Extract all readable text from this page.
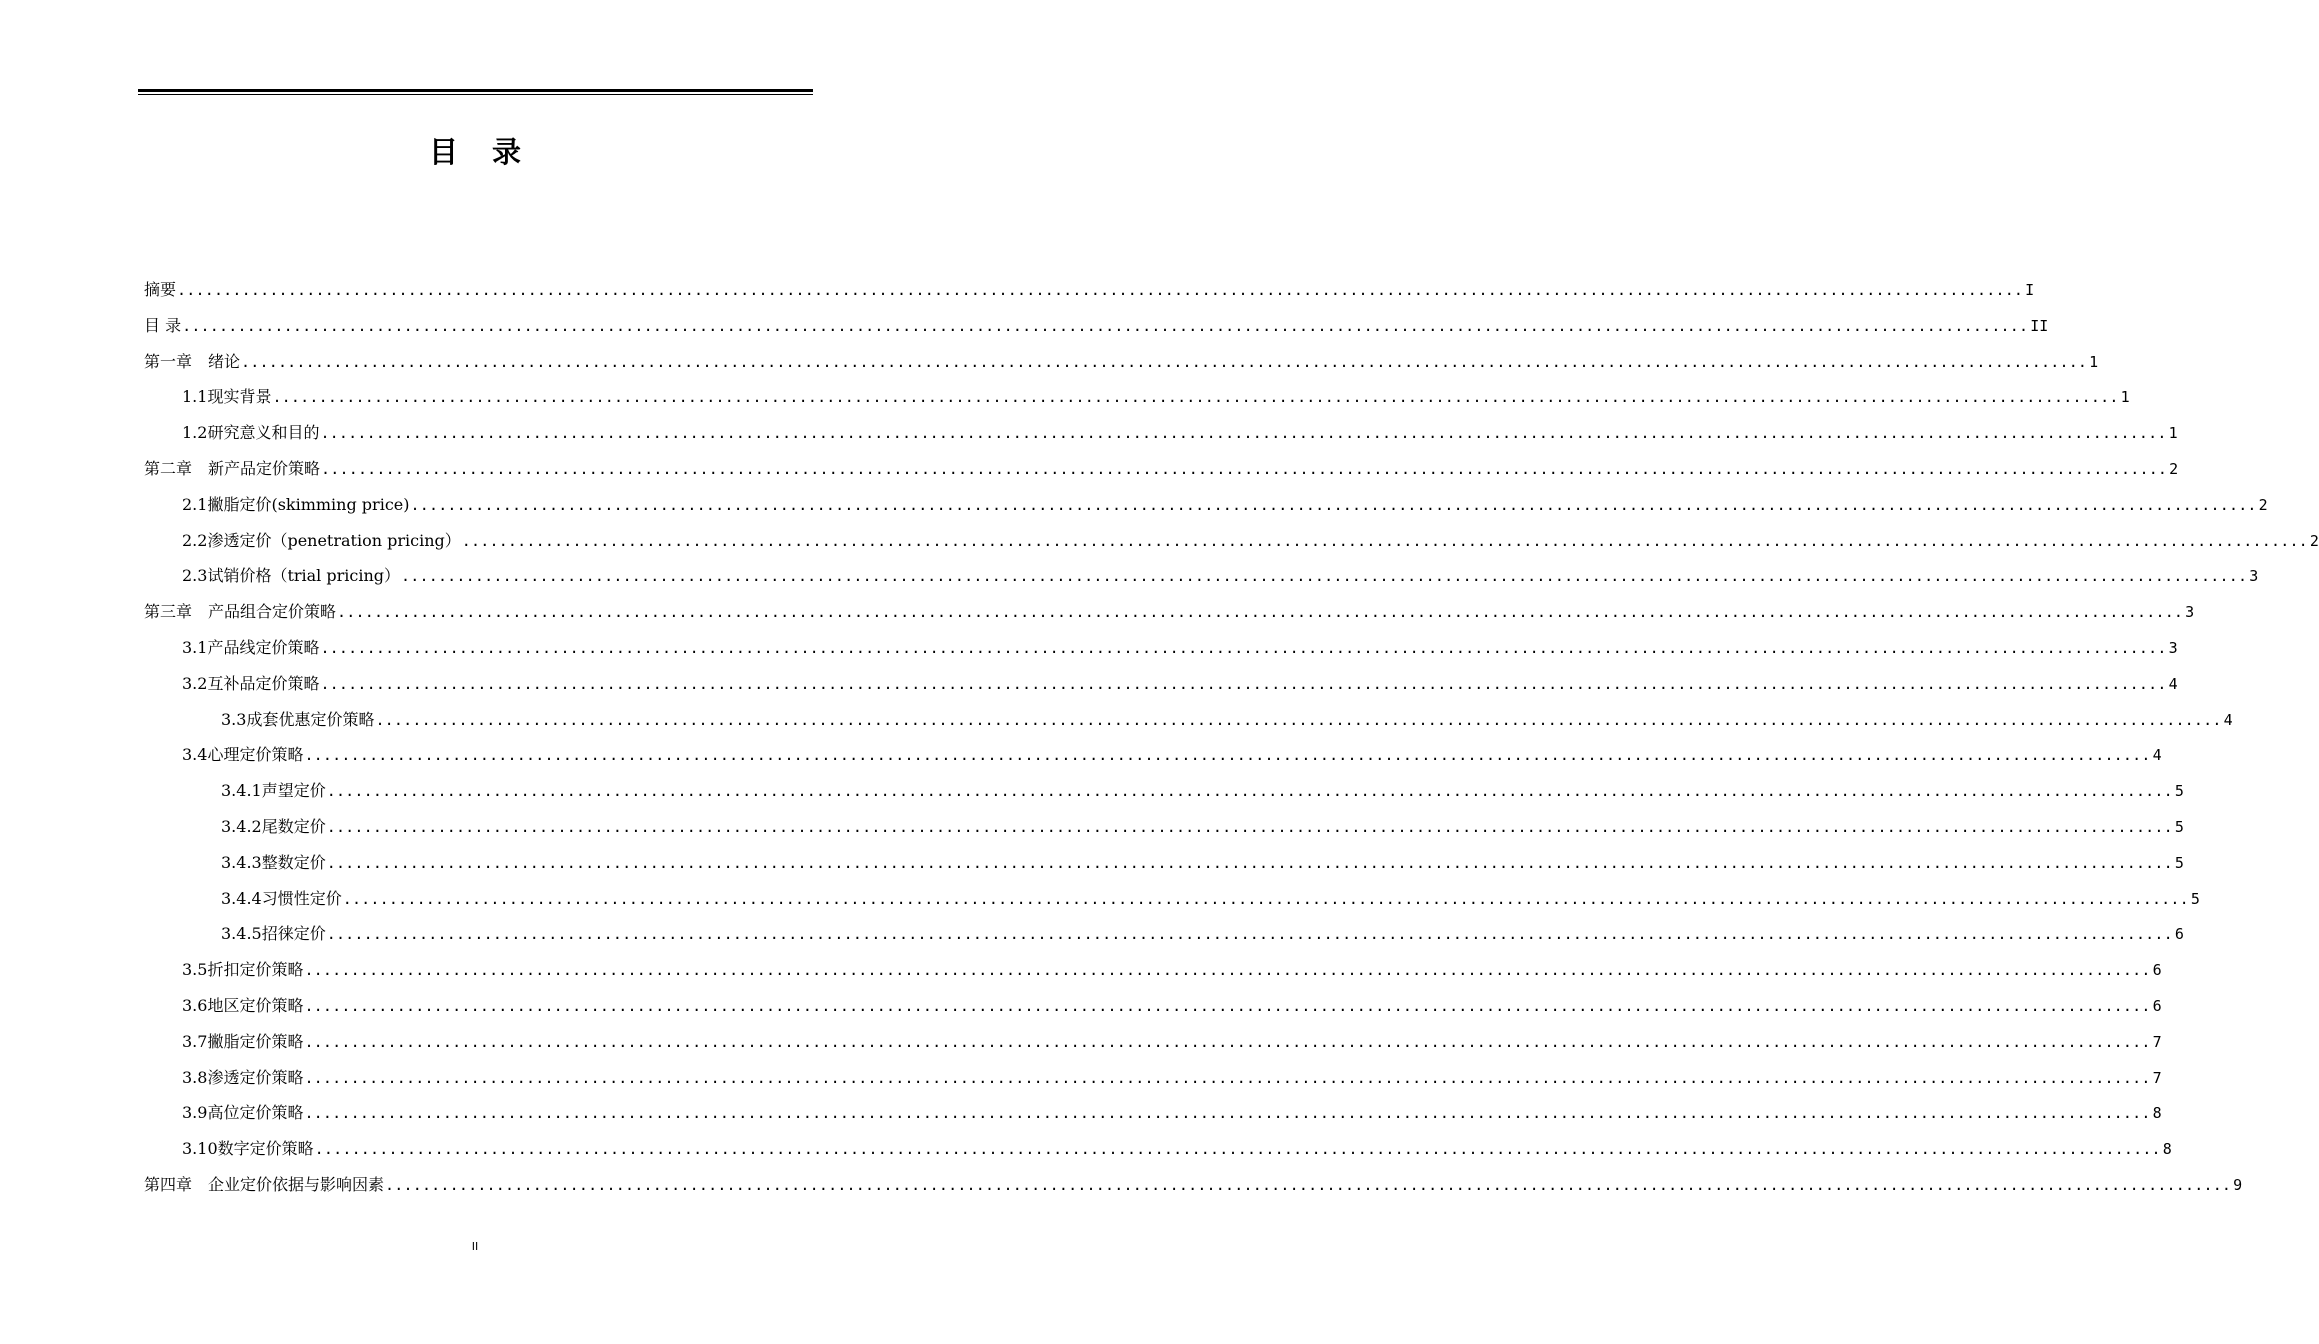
目 录
摘要 ........................................................................................................................................................................................................ I
目 录 ........................................................................................................................................................................................................ II
第一章　绪论 ........................................................................................................................................................................................................ 1
1.1现实背景 ........................................................................................................................................................................................................ 1
1.2研究意义和目的 ........................................................................................................................................................................................................ 1
第二章　新产品定价策略 ........................................................................................................................................................................................................ 2
2.1撇脂定价(skimming price) ........................................................................................................................................................................................................ 2
2.2渗透定价（penetration pricing） ........................................................................................................................................................................................................ 2
2.3试销价格（trial pricing） ........................................................................................................................................................................................................ 3
第三章　产品组合定价策略 ........................................................................................................................................................................................................ 3
3.1产品线定价策略 ........................................................................................................................................................................................................ 3
3.2互补品定价策略 ........................................................................................................................................................................................................ 4
3.3成套优惠定价策略 ........................................................................................................................................................................................................ 4
3.4心理定价策略 ........................................................................................................................................................................................................ 4
3.4.1声望定价 ........................................................................................................................................................................................................ 5
3.4.2尾数定价 ........................................................................................................................................................................................................ 5
3.4.3整数定价 ........................................................................................................................................................................................................ 5
3.4.4习惯性定价 ........................................................................................................................................................................................................ 5
3.4.5招徕定价 ........................................................................................................................................................................................................ 6
3.5折扣定价策略 ........................................................................................................................................................................................................ 6
3.6地区定价策略 ........................................................................................................................................................................................................ 6
3.7撇脂定价策略 ........................................................................................................................................................................................................ 7
3.8渗透定价策略 ........................................................................................................................................................................................................ 7
3.9高位定价策略 ........................................................................................................................................................................................................ 8
3.10数字定价策略 ........................................................................................................................................................................................................ 8
第四章　企业定价依据与影响因素 ........................................................................................................................................................................................................ 9
II
